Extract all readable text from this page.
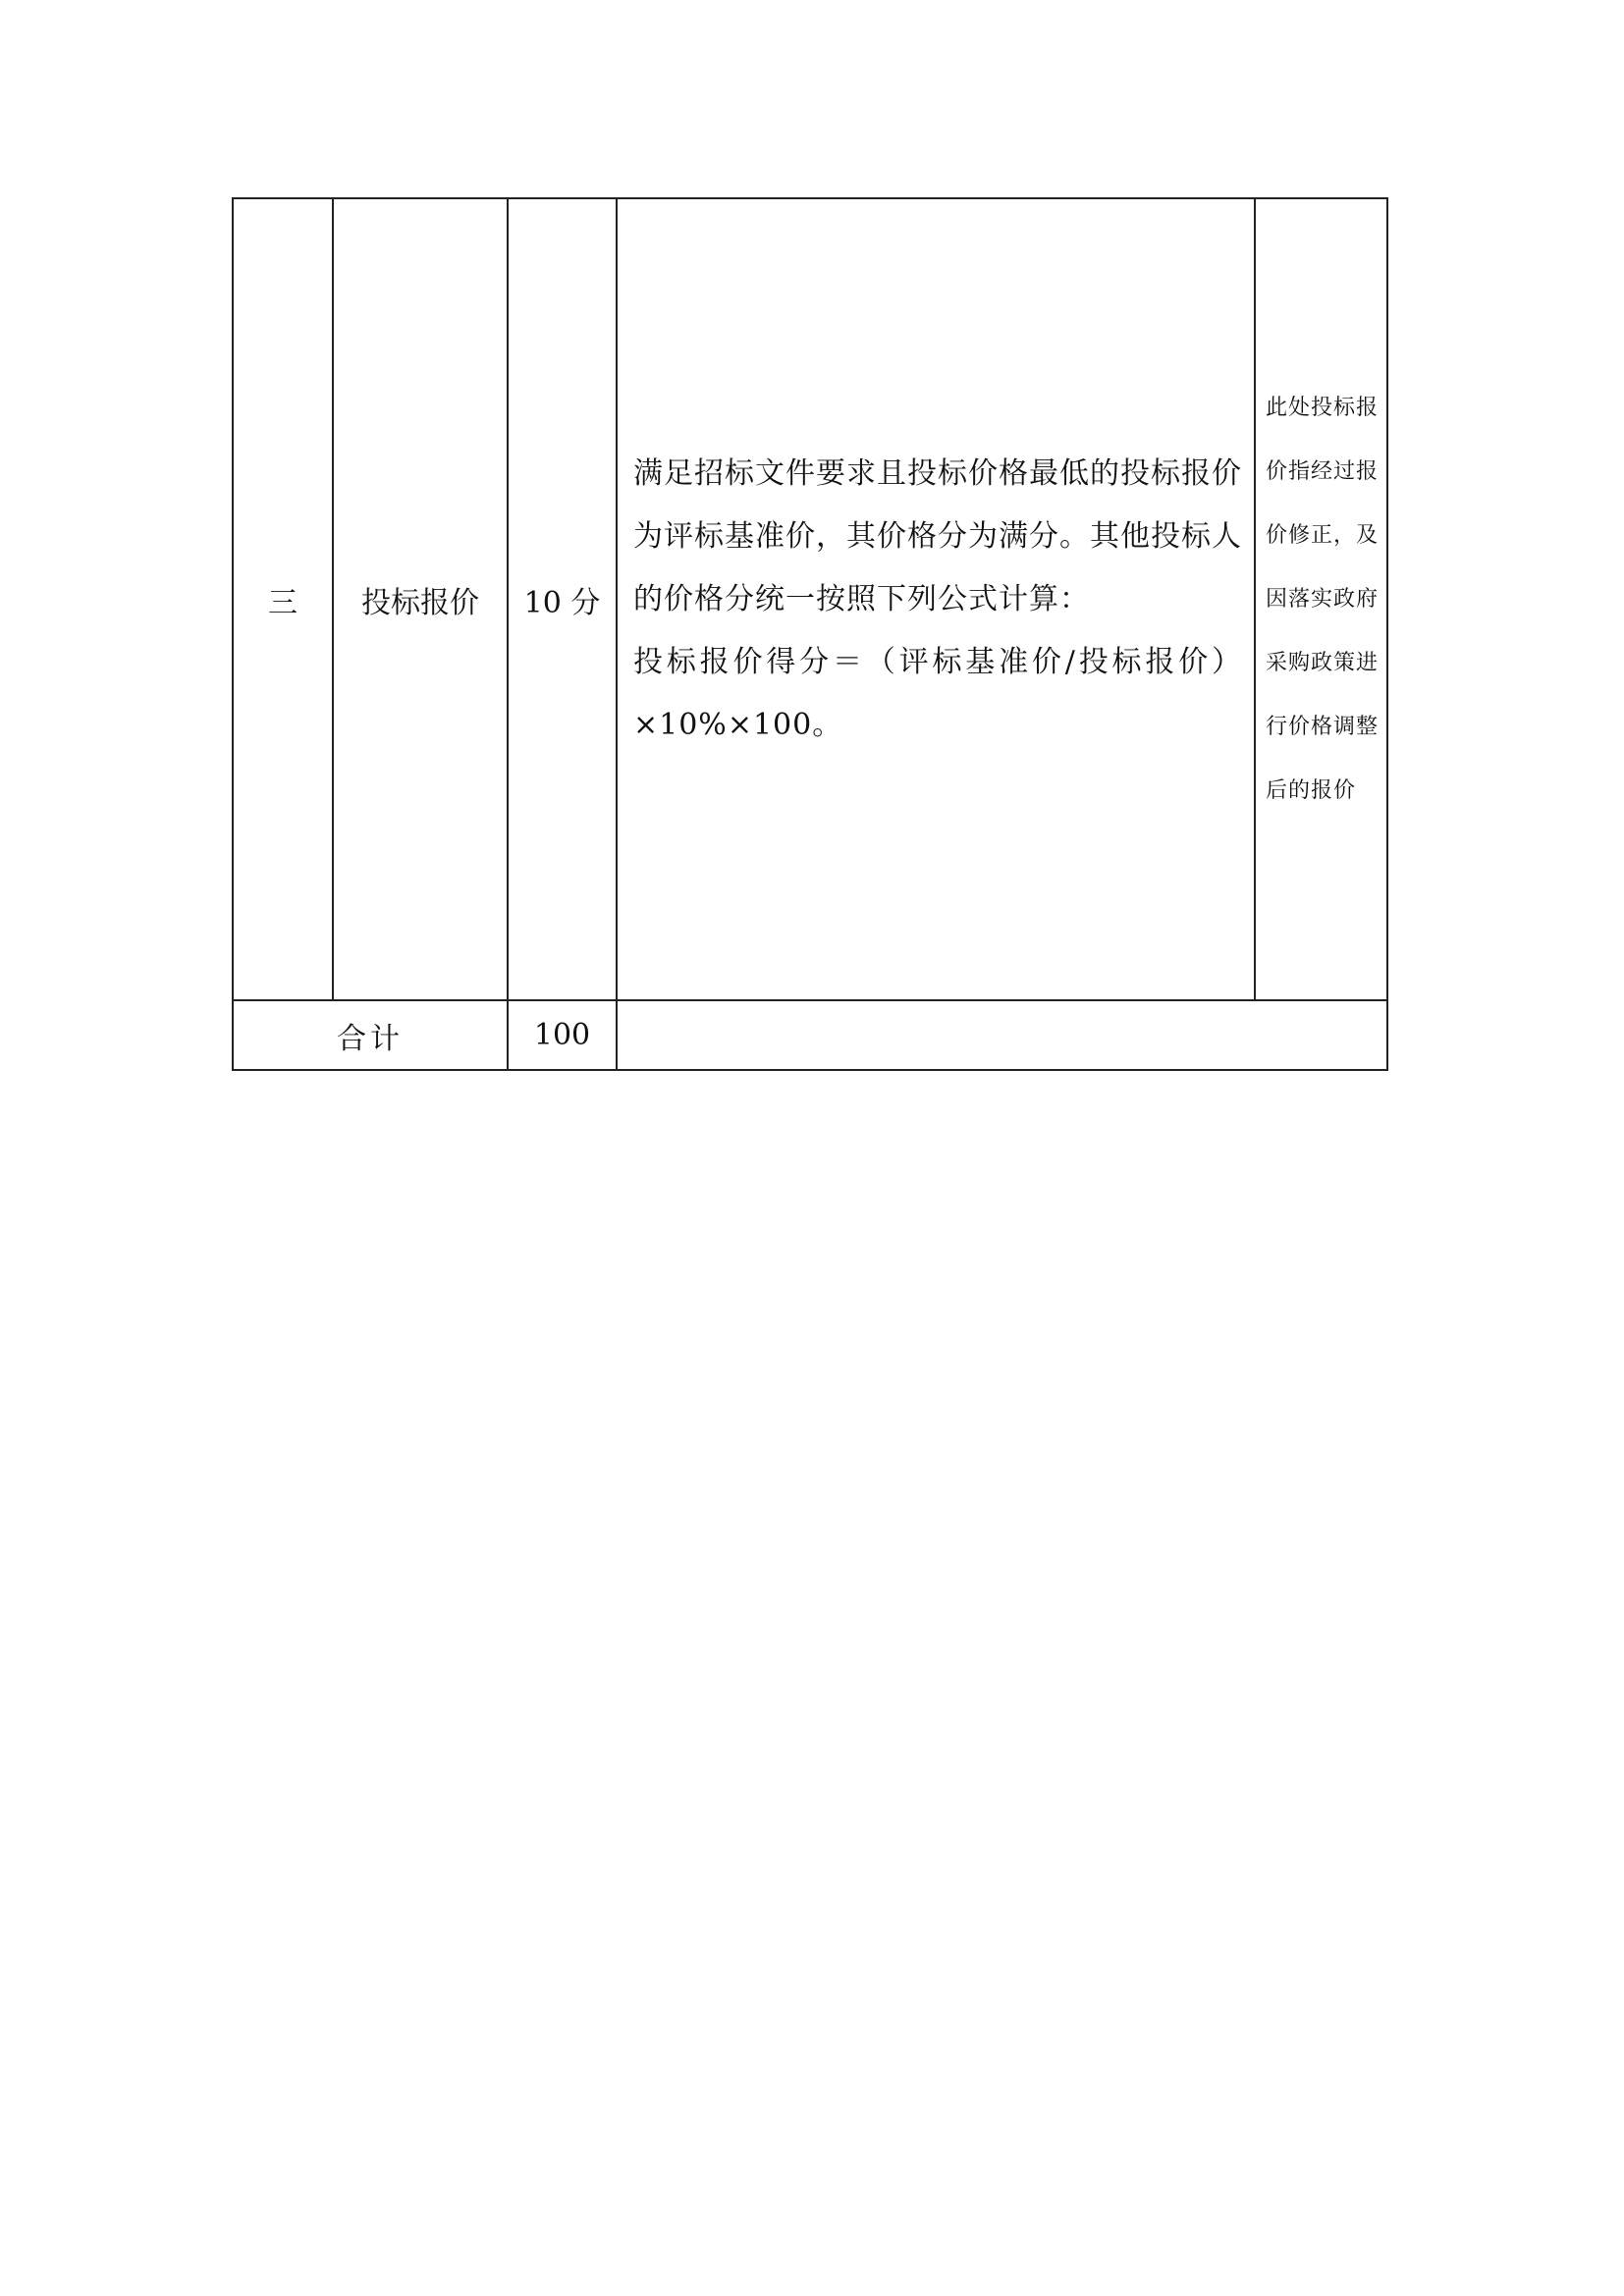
三	投标报价	10 分	满足招标文件要求且投标价格最低的投标报价为评标基准价，其价格分为满分。其他投标人的价格分统一按照下列公式计算：
投标报价得分＝（评标基准价/投标报价）×10%×100。	此处投标报价指经过报价修正，及因落实政府采购政策进行价格调整后的报价

合计		100		
